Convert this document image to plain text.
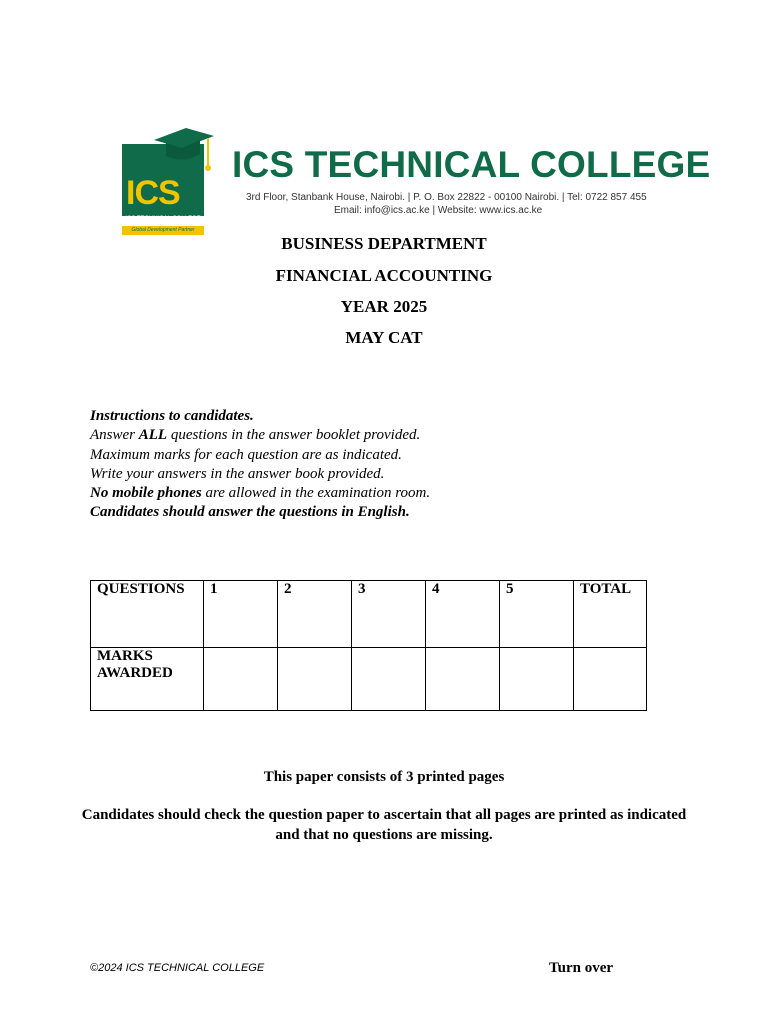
ICS
ICS TECHNICAL COLLEGE
Global Development Partner
ICS TECHNICAL COLLEGE
3rd Floor, Stanbank House, Nairobi. | P. O. Box 22822 - 00100 Nairobi. | Tel: 0722 857 455
Email: info@ics.ac.ke | Website: www.ics.ac.ke
BUSINESS DEPARTMENT
FINANCIAL ACCOUNTING
YEAR 2025
MAY CAT
Instructions to candidates.
Answer ALL questions in the answer booklet provided.
Maximum marks for each question are as indicated.
Write your answers in the answer book provided.
No mobile phones are allowed in the examination room.
Candidates should answer the questions in English.
QUESTIONS	1	2	3	4	5	TOTAL
MARKS AWARDED						
This paper consists of 3 printed pages
Candidates should check the question paper to ascertain that all pages are printed as indicated
and that no questions are missing.
©2024 ICS TECHNICAL COLLEGE	Turn over
